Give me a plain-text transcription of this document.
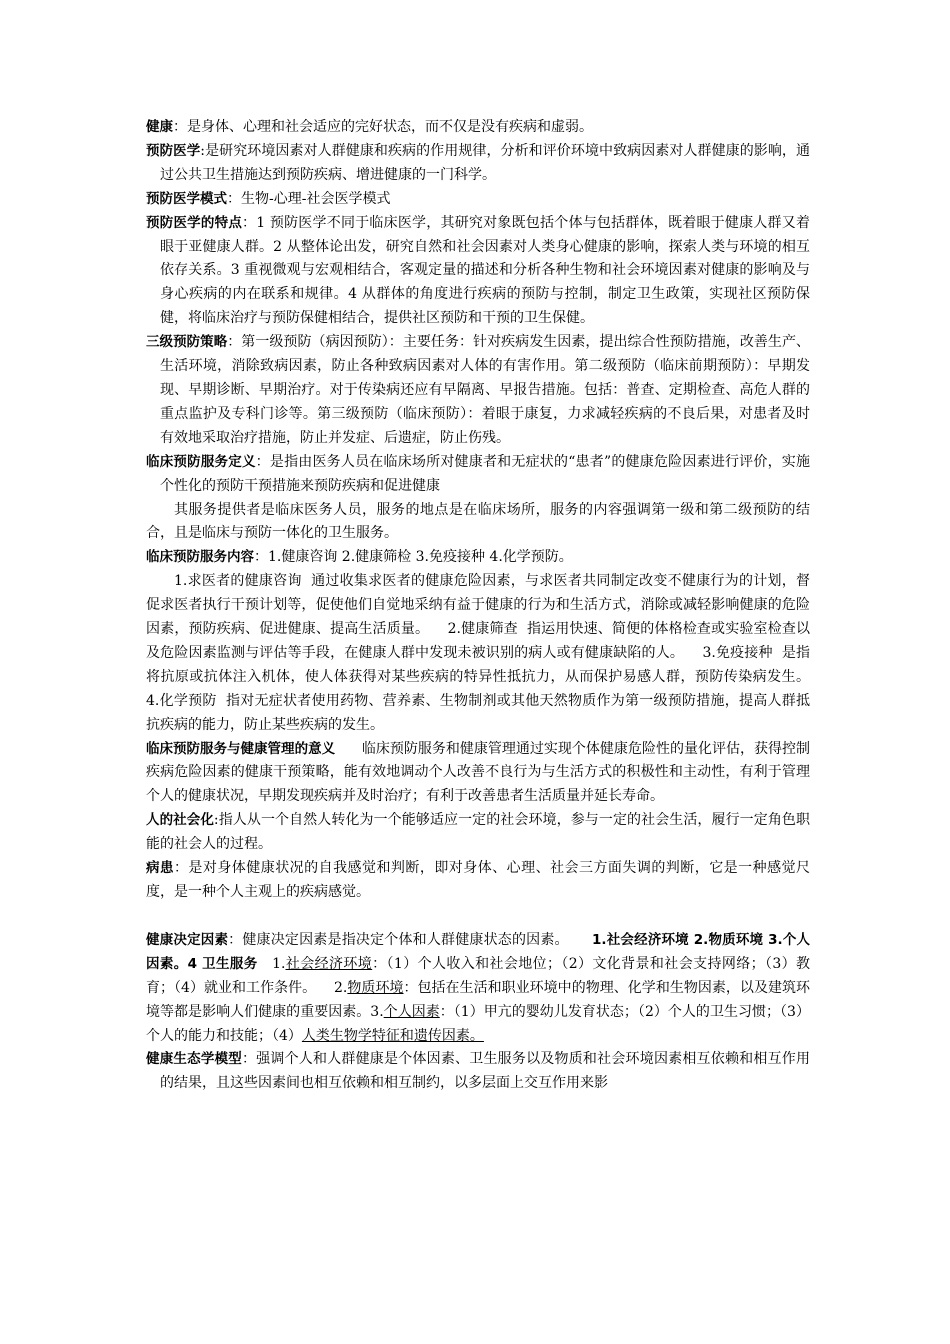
健康：是身体、心理和社会适应的完好状态，而不仅是没有疾病和虚弱。

预防医学:是研究环境因素对人群健康和疾病的作用规律，分析和评价环境中致病因素对人群健康的影响，通过公共卫生措施达到预防疾病、增进健康的一门科学。

预防医学模式：生物-心理-社会医学模式

预防医学的特点：1 预防医学不同于临床医学，其研究对象既包括个体与包括群体，既着眼于健康人群又着眼于亚健康人群。2 从整体论出发，研究自然和社会因素对人类身心健康的影响，探索人类与环境的相互依存关系。3 重视微观与宏观相结合，客观定量的描述和分析各种生物和社会环境因素对健康的影响及与身心疾病的内在联系和规律。4 从群体的角度进行疾病的预防与控制，制定卫生政策，实现社区预防保健，将临床治疗与预防保健相结合，提供社区预防和干预的卫生保健。

三级预防策略：第一级预防（病因预防）：主要任务：针对疾病发生因素，提出综合性预防措施，改善生产、生活环境，消除致病因素，防止各种致病因素对人体的有害作用。第二级预防（临床前期预防）：早期发现、早期诊断、早期治疗。对于传染病还应有早隔离、早报告措施。包括：普查、定期检查、高危人群的重点监护及专科门诊等。第三级预防（临床预防）：着眼于康复，力求减轻疾病的不良后果，对患者及时有效地采取治疗措施，防止并发症、后遗症，防止伤残。

临床预防服务定义：是指由医务人员在临床场所对健康者和无症状的“患者”的健康危险因素进行评价，实施个性化的预防干预措施来预防疾病和促进健康

其服务提供者是临床医务人员，服务的地点是在临床场所，服务的内容强调第一级和第二级预防的结合，且是临床与预防一体化的卫生服务。

临床预防服务内容：1.健康咨询 2.健康筛检 3.免疫接种 4.化学预防。

1.求医者的健康咨询  通过收集求医者的健康危险因素，与求医者共同制定改变不健康行为的计划，督促求医者执行干预计划等，促使他们自觉地采纳有益于健康的行为和生活方式，消除或减轻影响健康的危险因素，预防疾病、促进健康、提高生活质量。    2.健康筛查  指运用快速、简便的体格检查或实验室检查以及危险因素监测与评估等手段，在健康人群中发现未被识别的病人或有健康缺陷的人。    3.免疫接种  是指将抗原或抗体注入机体，使人体获得对某些疾病的特异性抵抗力，从而保护易感人群，预防传染病发生。    4.化学预防  指对无症状者使用药物、营养素、生物制剂或其他天然物质作为第一级预防措施，提高人群抵抗疾病的能力，防止某些疾病的发生。

临床预防服务与健康管理的意义      临床预防服务和健康管理通过实现个体健康危险性的量化评估，获得控制疾病危险因素的健康干预策略，能有效地调动个人改善不良行为与生活方式的积极性和主动性，有利于管理个人的健康状况，早期发现疾病并及时治疗；有利于改善患者生活质量并延长寿命。

人的社会化:指人从一个自然人转化为一个能够适应一定的社会环境，参与一定的社会生活，履行一定角色职能的社会人的过程。

病患：是对身体健康状况的自我感觉和判断，即对身体、心理、社会三方面失调的判断，它是一种感觉尺度，是一种个人主观上的疾病感觉。

健康决定因素：健康决定因素是指决定个体和人群健康状态的因素。 1.社会经济环境 2.物质环境 3.个人因素。4 卫生服务 1.社会经济环境：（1）个人收入和社会地位；（2）文化背景和社会支持网络；（3）教育；（4）就业和工作条件。    2.物质环境：包括在生活和职业环境中的物理、化学和生物因素，以及建筑环境等都是影响人们健康的重要因素。3.个人因素：（1）甲亢的婴幼儿发育状态；（2）个人的卫生习惯；（3）个人的能力和技能；（4）人类生物学特征和遗传因素。

健康生态学模型：强调个人和人群健康是个体因素、卫生服务以及物质和社会环境因素相互依赖和相互作用的结果，且这些因素间也相互依赖和相互制约，以多层面上交互作用来影
